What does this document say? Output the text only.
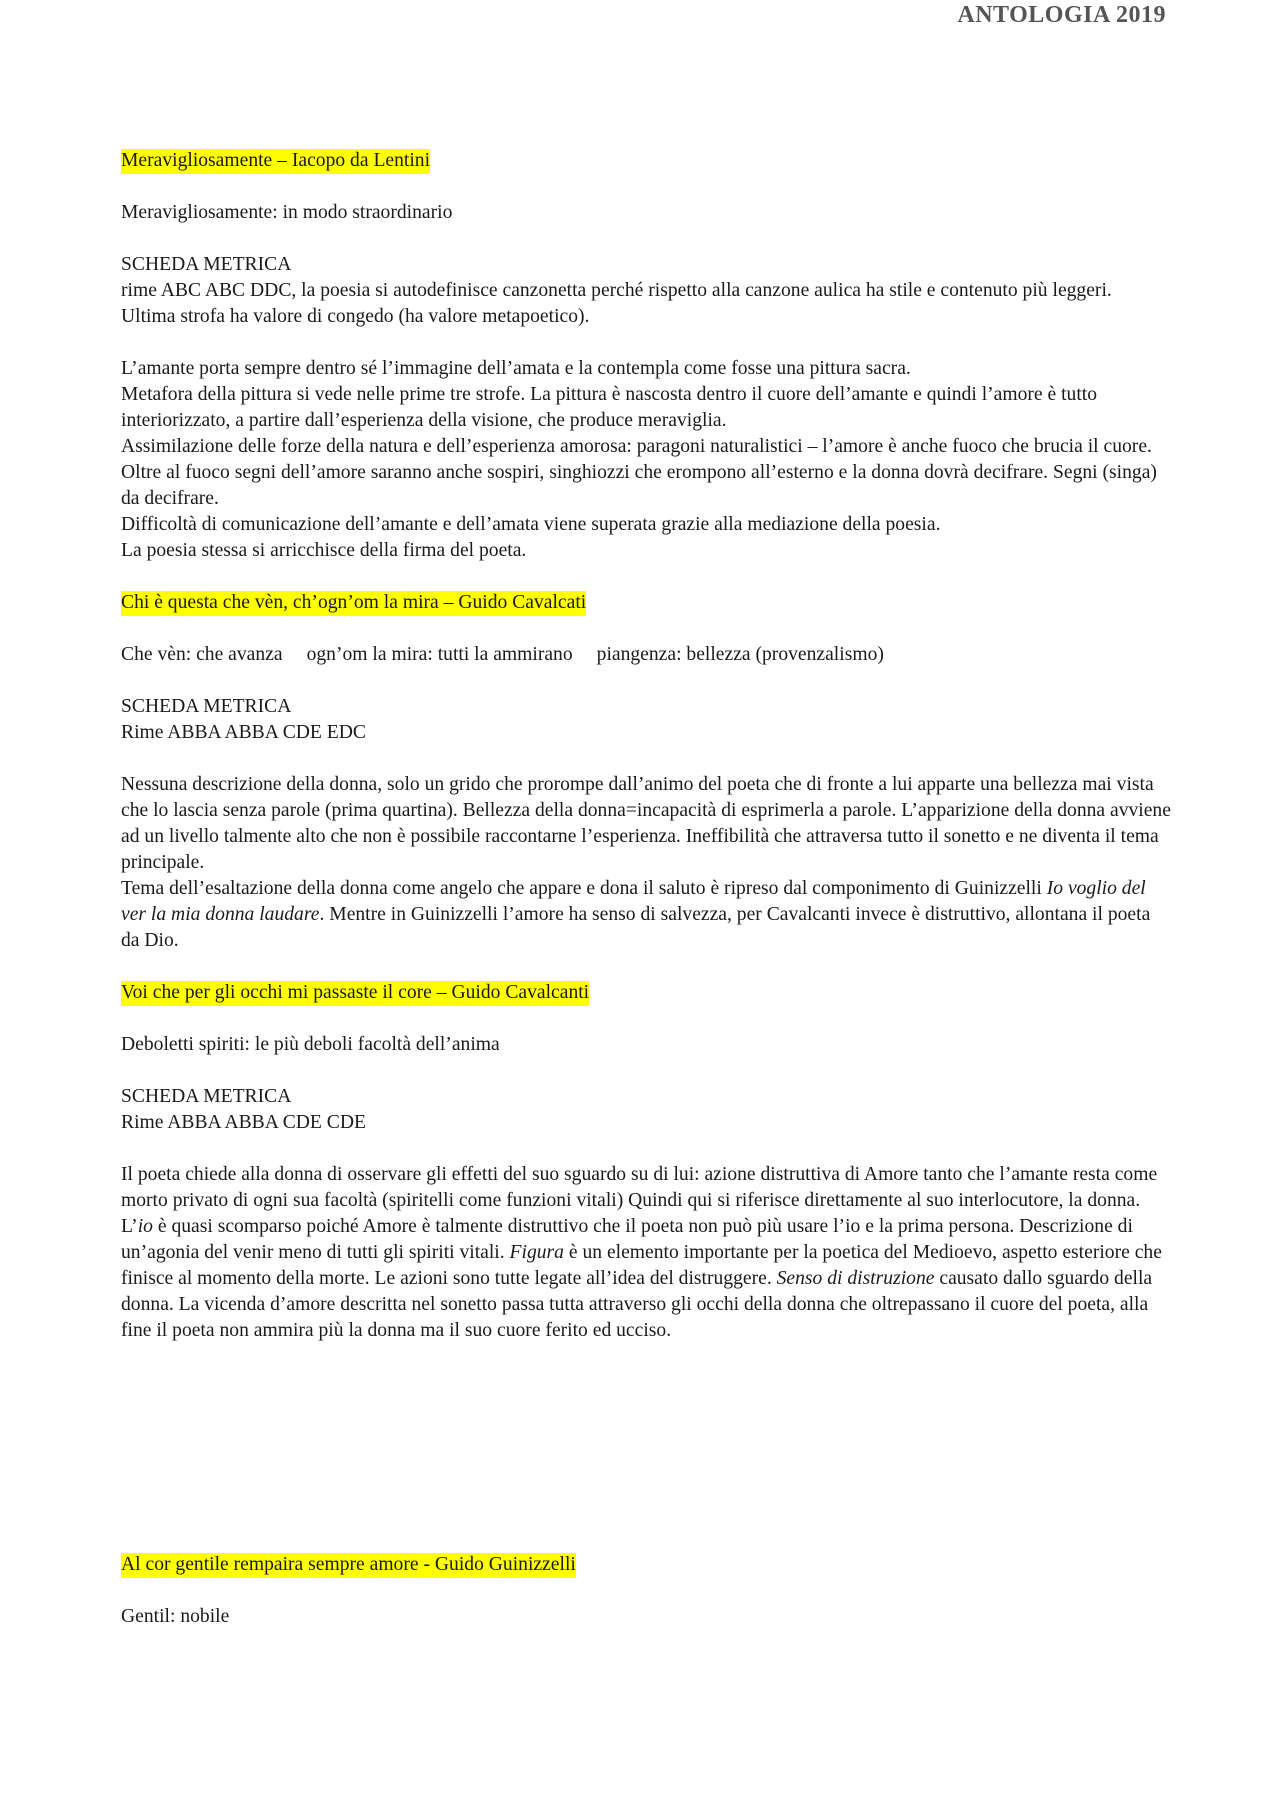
ANTOLOGIA 2019
Meravigliosamente – Iacopo da Lentini

Meravigliosamente: in modo straordinario

SCHEDA METRICA

rime ABC ABC DDC, la poesia si autodefinisce canzonetta perché rispetto alla canzone aulica ha stile e contenuto più leggeri. Ultima strofa ha valore di congedo (ha valore metapoetico).

L’amante porta sempre dentro sé l’immagine dell’amata e la contempla come fosse una pittura sacra.

Metafora della pittura si vede nelle prime tre strofe. La pittura è nascosta dentro il cuore dell’amante e quindi l’amore è tutto interiorizzato, a partire dall’esperienza della visione, che produce meraviglia.

Assimilazione delle forze della natura e dell’esperienza amorosa: paragoni naturalistici – l’amore è anche fuoco che brucia il cuore. Oltre al fuoco segni dell’amore saranno anche sospiri, singhiozzi che erompono all’esterno e la donna dovrà decifrare. Segni (singa) da decifrare.

Difficoltà di comunicazione dell’amante e dell’amata viene superata grazie alla mediazione della poesia.

La poesia stessa si arricchisce della firma del poeta.

Chi è questa che vèn, ch’ogn’om la mira – Guido Cavalcati

Che vèn: che avanza ogn’om la mira: tutti la ammirano piangenza: bellezza (provenzalismo)

SCHEDA METRICA

Rime ABBA ABBA CDE EDC

Nessuna descrizione della donna, solo un grido che prorompe dall’animo del poeta che di fronte a lui apparte una bellezza mai vista che lo lascia senza parole (prima quartina). Bellezza della donna=incapacità di esprimerla a parole. L’apparizione della donna avviene ad un livello talmente alto che non è possibile raccontarne l’esperienza. Ineffibilità che attraversa tutto il sonetto e ne diventa il tema principale.

Tema dell’esaltazione della donna come angelo che appare e dona il saluto è ripreso dal componimento di Guinizzelli Io voglio del ver la mia donna laudare. Mentre in Guinizzelli l’amore ha senso di salvezza, per Cavalcanti invece è distruttivo, allontana il poeta da Dio.

Voi che per gli occhi mi passaste il core – Guido Cavalcanti

Deboletti spiriti: le più deboli facoltà dell’anima

SCHEDA METRICA

Rime ABBA ABBA CDE CDE

Il poeta chiede alla donna di osservare gli effetti del suo sguardo su di lui: azione distruttiva di Amore tanto che l’amante resta come morto privato di ogni sua facoltà (spiritelli come funzioni vitali) Quindi qui si riferisce direttamente al suo interlocutore, la donna. L’io è quasi scomparso poiché Amore è talmente distruttivo che il poeta non può più usare l’io e la prima persona. Descrizione di un’agonia del venir meno di tutti gli spiriti vitali. Figura è un elemento importante per la poetica del Medioevo, aspetto esteriore che finisce al momento della morte. Le azioni sono tutte legate all’idea del distruggere. Senso di distruzione causato dallo sguardo della donna. La vicenda d’amore descritta nel sonetto passa tutta attraverso gli occhi della donna che oltrepassano il cuore del poeta, alla fine il poeta non ammira più la donna ma il suo cuore ferito ed ucciso.

Al cor gentile rempaira sempre amore - Guido Guinizzelli

Gentil: nobile
